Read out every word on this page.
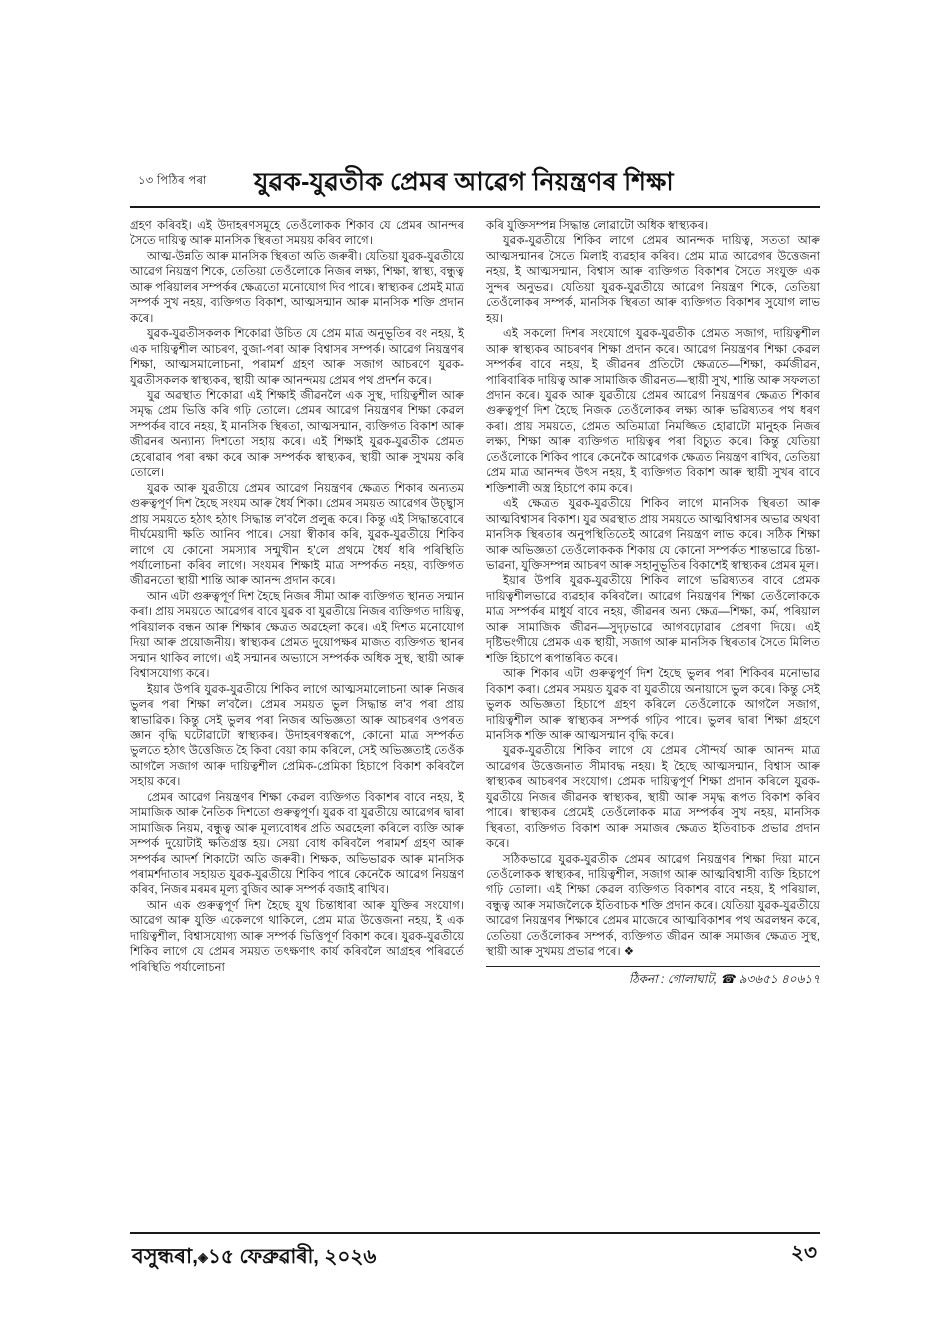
১৩ পিঠিৰ পৰা যুৱক-যুৱতীক প্ৰেমৰ আৱেগ নিয়ন্ত্ৰণৰ শিক্ষা

গ্ৰহণ কৰিবই। এই উদাহৰণসমূহে তেওঁলোকক শিকাব যে প্ৰেমৰ আনন্দৰ সৈতে দায়িত্ব আৰু মানসিক স্থিৰতা সময়য় কৰিব লাগে।

আত্ম-উন্নতি আৰু মানসিক স্থিৰতা অতি জৰুৰী। যেতিয়া যুৱক-যুৱতীয়ে আৱেগ নিয়ন্ত্ৰণ শিকে, তেতিয়া তেওঁলোকে নিজৰ লক্ষ্য, শিক্ষা, স্বাস্থ্য, বন্ধুত্ব আৰু পৰিয়ালৰ সম্পৰ্কৰ ক্ষেত্ৰতো মনোযোগ দিব পাৰে। স্বাস্থ্যকৰ প্ৰেমই মাত্ৰ সম্পৰ্ক সুখ নহয়, ব্যক্তিগত বিকাশ, আত্মসন্মান আৰু মানসিক শক্তি প্ৰদান কৰে।

যুৱক-যুৱতীসকলক শিকোৱা উচিত যে প্ৰেম মাত্ৰ অনুভূতিৰ বং নহয়, ই এক দায়িত্বশীল আচৰণ, বুজা-পৰা আৰু বিশ্বাসৰ সম্পৰ্ক। আৱেগ নিয়ন্ত্ৰণৰ শিক্ষা, আত্মসমালোচনা, পৰামৰ্শ গ্ৰহণ আৰু সজাগ আচৰণে যুৱক-যুৱতীসকলক স্বাস্থ্যকৰ, স্থায়ী আৰু আনন্দময় প্ৰেমৰ পথ প্ৰদৰ্শন কৰে।

যুৱ অৱস্থাত শিকোৱা এই শিক্ষাই জীৱনলৈ এক সুস্থ, দায়িত্বশীল আৰু সমৃদ্ধ প্ৰেম ভিত্তি কৰি গঢ়ি তোলে। প্ৰেমৰ আৱেগ নিয়ন্ত্ৰণৰ শিক্ষা কেৱল সম্পৰ্কৰ বাবে নহয়, ই মানসিক স্থিৰতা, আত্মসন্মান, ব্যক্তিগত বিকাশ আৰু জীৱনৰ অন্যান্য দিশতো সহায় কৰে। এই শিক্ষাই যুৱক-যুৱতীক প্ৰেমত হেৰোৱাৰ পৰা ৰক্ষা কৰে আৰু সম্পৰ্কক স্বাস্থ্যকৰ, স্থায়ী আৰু সুখময় কৰি তোলে।

যুৱক আৰু যুৱতীয়ে প্ৰেমৰ আৱেগ নিয়ন্ত্ৰণৰ ক্ষেত্ৰত শিকাৰ অন্যতম গুৰুত্বপূৰ্ণ দিশ হৈছে সংযম আৰু ধৈৰ্য শিকা। প্ৰেমৰ সময়ত আৱেগৰ উচ্ছ্বাস প্ৰায় সময়তে হঠাৎ হঠাৎ সিদ্ধান্ত ল'বলৈ প্ৰলুব্ধ কৰে। কিন্তু এই সিদ্ধান্তবোৰে দীৰ্ঘমেয়াদী ক্ষতি আনিব পাৰে। সেয়া স্বীকাৰ কৰি, যুৱক-যুৱতীয়ে শিকিব লাগে যে কোনো সমস্যাৰ সন্মুখীন হ'লে প্ৰথমে ধৈৰ্য ধৰি পৰিস্থিতি পৰ্যালোচনা কৰিব লাগে। সংযমৰ শিক্ষাই মাত্ৰ সম্পৰ্কত নহয়, ব্যক্তিগত জীৱনতো স্থায়ী শান্তি আৰু আনন্দ প্ৰদান কৰে।

আন এটা গুৰুত্বপূৰ্ণ দিশ হৈছে নিজৰ সীমা আৰু ব্যক্তিগত স্থানত সন্মান কৰা। প্ৰায় সময়তে আৱেগৰ বাবে যুৱক বা যুৱতীয়ে নিজৰ ব্যক্তিগত দায়িত্ব, পৰিয়ালক বন্ধন আৰু শিক্ষাৰ ক্ষেত্ৰত অৱহেলা কৰে। এই দিশত মনোযোগ দিয়া আৰু প্ৰয়োজনীয়। স্বাস্থ্যকৰ প্ৰেমত দুয়োপক্ষৰ মাজত ব্যক্তিগত স্থানৰ সন্মান থাকিব লাগে। এই সন্মানৰ অভ্যাসে সম্পৰ্কক অধিক সুস্থ, স্থায়ী আৰু বিশ্বাসযোগ্য কৰে।

ইয়াৰ উপৰি যুৱক-যুৱতীয়ে শিকিব লাগে আত্মসমালোচনা আৰু নিজৰ ভুলৰ পৰা শিক্ষা ল'বলৈ। প্ৰেমৰ সময়ত ভুল সিদ্ধান্ত ল'ব পৰা প্ৰায় স্বাভাৱিক। কিন্তু সেই ভুলৰ পৰা নিজৰ অভিজ্ঞতা আৰু আচৰণৰ ওপৰত জ্ঞান বৃদ্ধি ঘটোৱাটো স্বাস্থ্যকৰ। উদাহৰণস্বৰূপে, কোনো মাত্ৰ সম্পৰ্কত ভুলতে হঠাৎ উত্তেজিত হৈ কিবা বেয়া কাম কৰিলে, সেই অভিজ্ঞতাই তেওঁক আগলৈ সজাগ আৰু দায়িত্বশীল প্ৰেমিক-প্ৰেমিকা হিচাপে বিকাশ কৰিবলৈ সহায় কৰে।

প্ৰেমৰ আৱেগ নিয়ন্ত্ৰণৰ শিক্ষা কেৱল ব্যক্তিগত বিকাশৰ বাবে নহয়, ই সামাজিক আৰু নৈতিক দিশতো গুৰুত্বপূৰ্ণ। যুৱক বা যুৱতীয়ে আৱেগৰ দ্বাৰা সামাজিক নিয়ম, বন্ধুত্ব আৰু মূল্যবোধৰ প্ৰতি অৱহেলা কৰিলে ব্যক্তি আৰু সম্পৰ্ক দুয়োটাই ক্ষতিগ্ৰস্ত হয়। সেয়া বোধ কৰিবলৈ পৰামৰ্শ গ্ৰহণ আৰু সম্পৰ্কৰ আদৰ্শ শিকাটো অতি জৰুৰী। শিক্ষক, অভিভাৱক আৰু মানসিক পৰামৰ্শদাতাৰ সহায়ত যুৱক-যুৱতীয়ে শিকিব পাৰে কেনেকৈ আৱেগ নিয়ন্ত্ৰণ কৰিব, নিজৰ মৰমৰ মূল্য বুজিব আৰু সম্পৰ্ক বজাই ৰাখিব।

আন এক গুৰুত্বপূৰ্ণ দিশ হৈছে যুথ চিন্তাধাৰা আৰু যুক্তিৰ সংযোগ। আৱেগ আৰু যুক্তি একেলগে থাকিলে, প্ৰেম মাত্ৰ উত্তেজনা নহয়, ই এক দায়িত্বশীল, বিশ্বাসযোগ্য আৰু সম্পৰ্ক ভিত্তিপূৰ্ণ বিকাশ কৰে। যুৱক-যুৱতীয়ে শিকিব লাগে যে প্ৰেমৰ সময়ত তৎক্ষণাৎ কাৰ্য কৰিবলৈ আগ্ৰহৰ পৰিৱৰ্তে পৰিস্থিতি পৰ্যালোচনা

কৰি যুক্তিসম্পন্ন সিদ্ধান্ত লোৱাটো অধিক স্বাস্থ্যকৰ।

যুৱক-যুৱতীয়ে শিকিব লাগে প্ৰেমৰ আনন্দক দায়িত্ব, সততা আৰু আত্মসন্মানৰ সৈতে মিলাই ব্যৱহাৰ কৰিব। প্ৰেম মাত্ৰ আৱেগৰ উত্তেজনা নহয়, ই আত্মসন্মান, বিশ্বাস আৰু ব্যক্তিগত বিকাশৰ সৈতে সংযুক্ত এক সুন্দৰ অনুভৱ। যেতিয়া যুৱক-যুৱতীয়ে আৱেগ নিয়ন্ত্ৰণ শিকে, তেতিয়া তেওঁলোকৰ সম্পৰ্ক, মানসিক স্থিৰতা আৰু ব্যক্তিগত বিকাশৰ সুযোগ লাভ হয়।

এই সকলো দিশৰ সংযোগে যুৱক-যুৱতীক প্ৰেমত সজাগ, দায়িত্বশীল আৰু স্বাস্থ্যকৰ আচৰণৰ শিক্ষা প্ৰদান কৰে। আৱেগ নিয়ন্ত্ৰণৰ শিক্ষা কেৱল সম্পৰ্কৰ বাবে নহয়, ই জীৱনৰ প্ৰতিটো ক্ষেত্ৰতে—শিক্ষা, কৰ্মজীৱন, পাৰিবাৰিক দায়িত্ব আৰু সামাজিক জীৱনত—স্থায়ী সুখ, শান্তি আৰু সফলতা প্ৰদান কৰে। যুৱক আৰু যুৱতীয়ে প্ৰেমৰ আৱেগ নিয়ন্ত্ৰণৰ ক্ষেত্ৰত শিকাৰ গুৰুত্বপূৰ্ণ দিশ হৈছে নিজক তেওঁলোকৰ লক্ষ্য আৰু ভৱিষ্যতৰ পথ ধৰণ কৰা। প্ৰায় সময়তে, প্ৰেমত অতিমাত্ৰা নিমজ্জিত হোৱাটো মানুহক নিজৰ লক্ষ্য, শিক্ষা আৰু ব্যক্তিগত দায়িত্বৰ পৰা বিচ্যুত কৰে। কিন্তু যেতিয়া তেওঁলোকে শিকিব পাৰে কেনেকৈ আৱেগক ক্ষেত্ৰত নিয়ন্ত্ৰণ ৰাখিব, তেতিয়া প্ৰেম মাত্ৰ আনন্দৰ উৎস নহয়, ই ব্যক্তিগত বিকাশ আৰু স্থায়ী সুখৰ বাবে শক্তিশালী অস্ত্ৰ হিচাপে কাম কৰে।

এই ক্ষেত্ৰত যুৱক-যুৱতীয়ে শিকিব লাগে মানসিক স্থিৰতা আৰু আত্মবিশ্বাসৰ বিকাশ। যুৱ অৱস্থাত প্ৰায় সময়তে আত্মবিশ্বাসৰ অভাৱ অথবা মানসিক স্থিৰতাৰ অনুপস্থিতিতেই আৱেগ নিয়ন্ত্ৰণ লাভ কৰে। সঠিক শিক্ষা আৰু অভিজ্ঞতা তেওঁলোককক শিকায় যে কোনো সম্পৰ্কত শান্তভাৱে চিন্তা-ভাৱনা, যুক্তিসম্পন্ন আচৰণ আৰু সহানুভূতিৰ বিকাশেই স্বাস্থ্যকৰ প্ৰেমৰ মূল।

ইয়াৰ উপৰি যুৱক-যুৱতীয়ে শিকিব লাগে ভৱিষ্যতৰ বাবে প্ৰেমক দায়িত্বশীলভাৱে ব্যৱহাৰ কৰিবলৈ। আৱেগ নিয়ন্ত্ৰণৰ শিক্ষা তেওঁলোককে মাত্ৰ সম্পৰ্কৰ মাধুৰ্য বাবে নহয়, জীৱনৰ অন্য ক্ষেত্ৰ—শিক্ষা, কৰ্ম, পৰিয়াল আৰু সামাজিক জীৱন—সুদৃঢ়ভাৱে আগবঢ়োৱাৰ প্ৰেৰণা দিয়ে। এই দৃষ্টিভংগীয়ে প্ৰেমক এক স্থায়ী, সজাগ আৰু মানসিক স্থিৰতাৰ সৈতে মিলিত শক্তি হিচাপে ৰূপান্তৰিত কৰে।

আৰু শিকাৰ এটা গুৰুত্বপূৰ্ণ দিশ হৈছে ভুলৰ পৰা শিকিবৰ মনোভাৱ বিকাশ কৰা। প্ৰেমৰ সময়ত যুৱক বা যুৱতীয়ে অনায়াসে ভুল কৰে। কিন্তু সেই ভুলক অভিজ্ঞতা হিচাপে গ্ৰহণ কৰিলে তেওঁলোকে আগলৈ সজাগ, দায়িত্বশীল আৰু স্বাস্থ্যকৰ সম্পৰ্ক গঢ়িব পাৰে। ভুলৰ দ্বাৰা শিক্ষা গ্ৰহণে মানসিক শক্তি আৰু আত্মসন্মান বৃদ্ধি কৰে।

যুৱক-যুৱতীয়ে শিকিব লাগে যে প্ৰেমৰ সৌন্দৰ্য আৰু আনন্দ মাত্ৰ আৱেগৰ উত্তেজনাত সীমাবদ্ধ নহয়। ই হৈছে আত্মসন্মান, বিশ্বাস আৰু স্বাস্থ্যকৰ আচৰণৰ সংযোগ। প্ৰেমক দায়িত্বপূৰ্ণ শিক্ষা প্ৰদান কৰিলে যুৱক-যুৱতীয়ে নিজৰ জীৱনক স্বাস্থ্যকৰ, স্থায়ী আৰু সমৃদ্ধ ৰূপত বিকাশ কৰিব পাৰে। স্বাস্থ্যকৰ প্ৰেমেই তেওঁলোকক মাত্ৰ সম্পৰ্কৰ সুখ নহয়, মানসিক স্থিৰতা, ব্যক্তিগত বিকাশ আৰু সমাজৰ ক্ষেত্ৰত ইতিবাচক প্ৰভাৱ প্ৰদান কৰে।

সঠিকভাৱে যুৱক-যুৱতীক প্ৰেমৰ আৱেগ নিয়ন্ত্ৰণৰ শিক্ষা দিয়া মানে তেওঁলোকক স্বাস্থ্যকৰ, দায়িত্বশীল, সজাগ আৰু আত্মবিশ্বাসী ব্যক্তি হিচাপে গঢ়ি তোলা। এই শিক্ষা কেৱল ব্যক্তিগত বিকাশৰ বাবে নহয়, ই পৰিয়াল, বন্ধুত্ব আৰু সমাজলৈকে ইতিবাচক শক্তি প্ৰদান কৰে। যেতিয়া যুৱক-যুৱতীয়ে আৱেগ নিয়ন্ত্ৰণৰ শিক্ষাৰে প্ৰেমৰ মাজেৰে আত্মবিকাশৰ পথ অৱলম্বন কৰে, তেতিয়া তেওঁলোকৰ সম্পৰ্ক, ব্যক্তিগত জীৱন আৰু সমাজৰ ক্ষেত্ৰত সুস্থ, স্থায়ী আৰু সুখময় প্ৰভাৱ পৰে। ❖

ঠিকনা : গোলাঘাট, ☎ ৯৩৬৫১ ৪০৬১৭
বসুন্ধৰা,◈১৫ ফেব্ৰুৱাৰী, ২০২৬	২৩
